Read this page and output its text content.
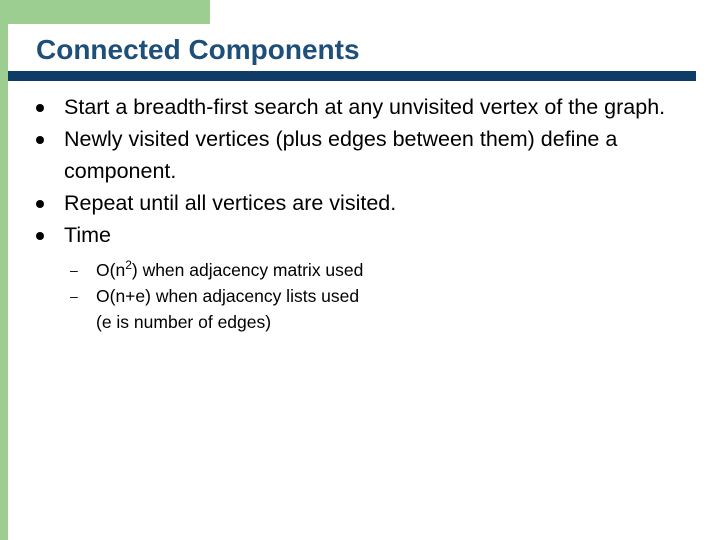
Connected Components
Start a breadth-first search at any unvisited vertex of the graph.
Newly visited vertices (plus edges between them) define a component.
Repeat until all vertices are visited.
Time
– $O(n^2)$ when adjacency matrix used
– O(n+e) when adjacency lists used
(e is number of edges)
